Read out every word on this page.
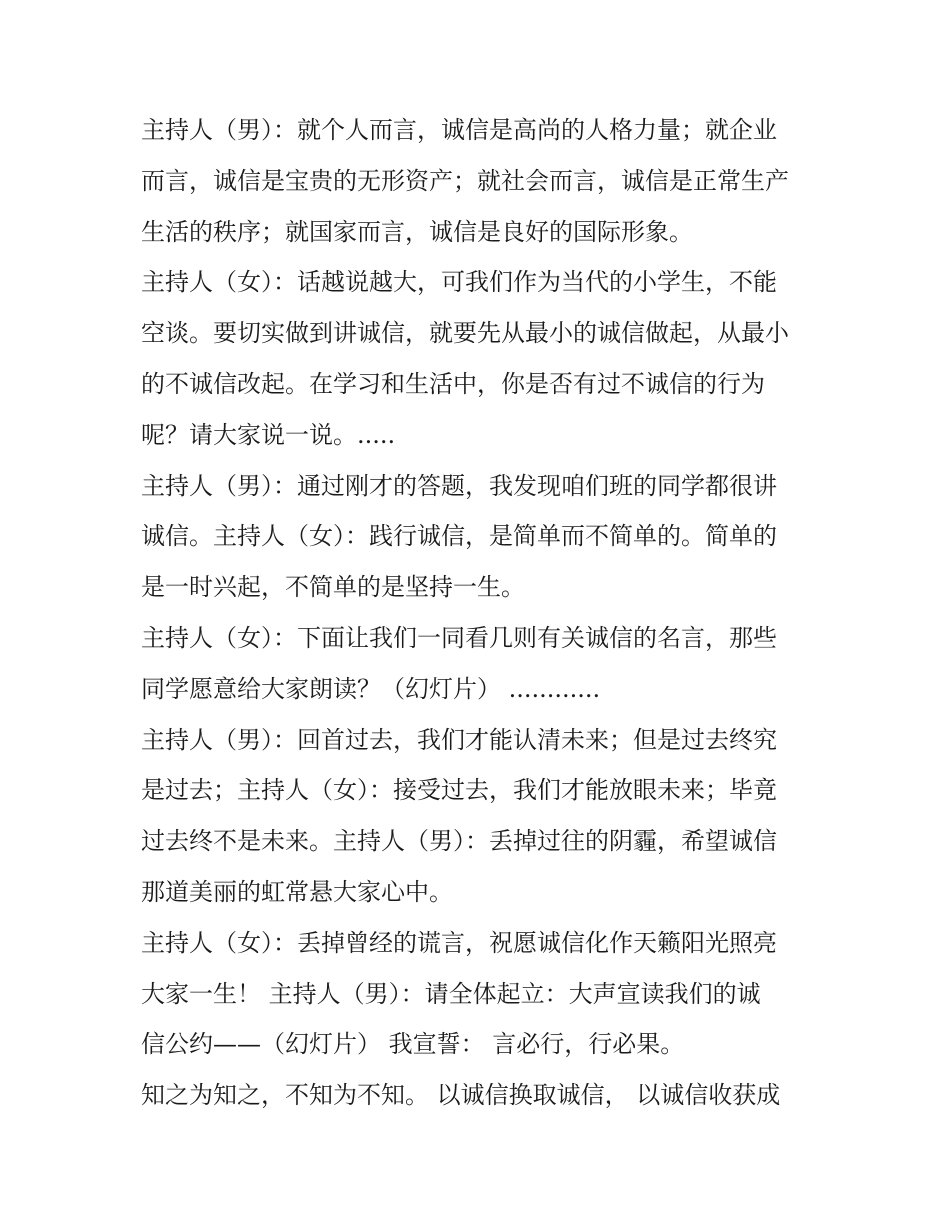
主持人（男）：就个人而言，诚信是高尚的人格力量；就企业
而言，诚信是宝贵的无形资产；就社会而言，诚信是正常生产
生活的秩序；就国家而言，诚信是良好的国际形象。
主持人（女）：话越说越大，可我们作为当代的小学生，不能
空谈。要切实做到讲诚信，就要先从最小的诚信做起，从最小
的不诚信改起。在学习和生活中，你是否有过不诚信的行为
呢？请大家说一说。.....
主持人（男）：通过刚才的答题，我发现咱们班的同学都很讲
诚信。主持人（女）：践行诚信，是简单而不简单的。简单的
是一时兴起，不简单的是坚持一生。
主持人（女）：下面让我们一同看几则有关诚信的名言，那些
同学愿意给大家朗读？（幻灯片） ............
主持人（男）：回首过去，我们才能认清未来；但是过去终究
是过去；主持人（女）：接受过去，我们才能放眼未来；毕竟
过去终不是未来。主持人（男）：丢掉过往的阴霾，希望诚信
那道美丽的虹常悬大家心中。
主持人（女）：丢掉曾经的谎言，祝愿诚信化作天籁阳光照亮
大家一生！ 主持人（男）：请全体起立：大声宣读我们的诚
信公约——（幻灯片） 我宣誓： 言必行，行必果。
知之为知之，不知为不知。 以诚信换取诚信， 以诚信收获成
